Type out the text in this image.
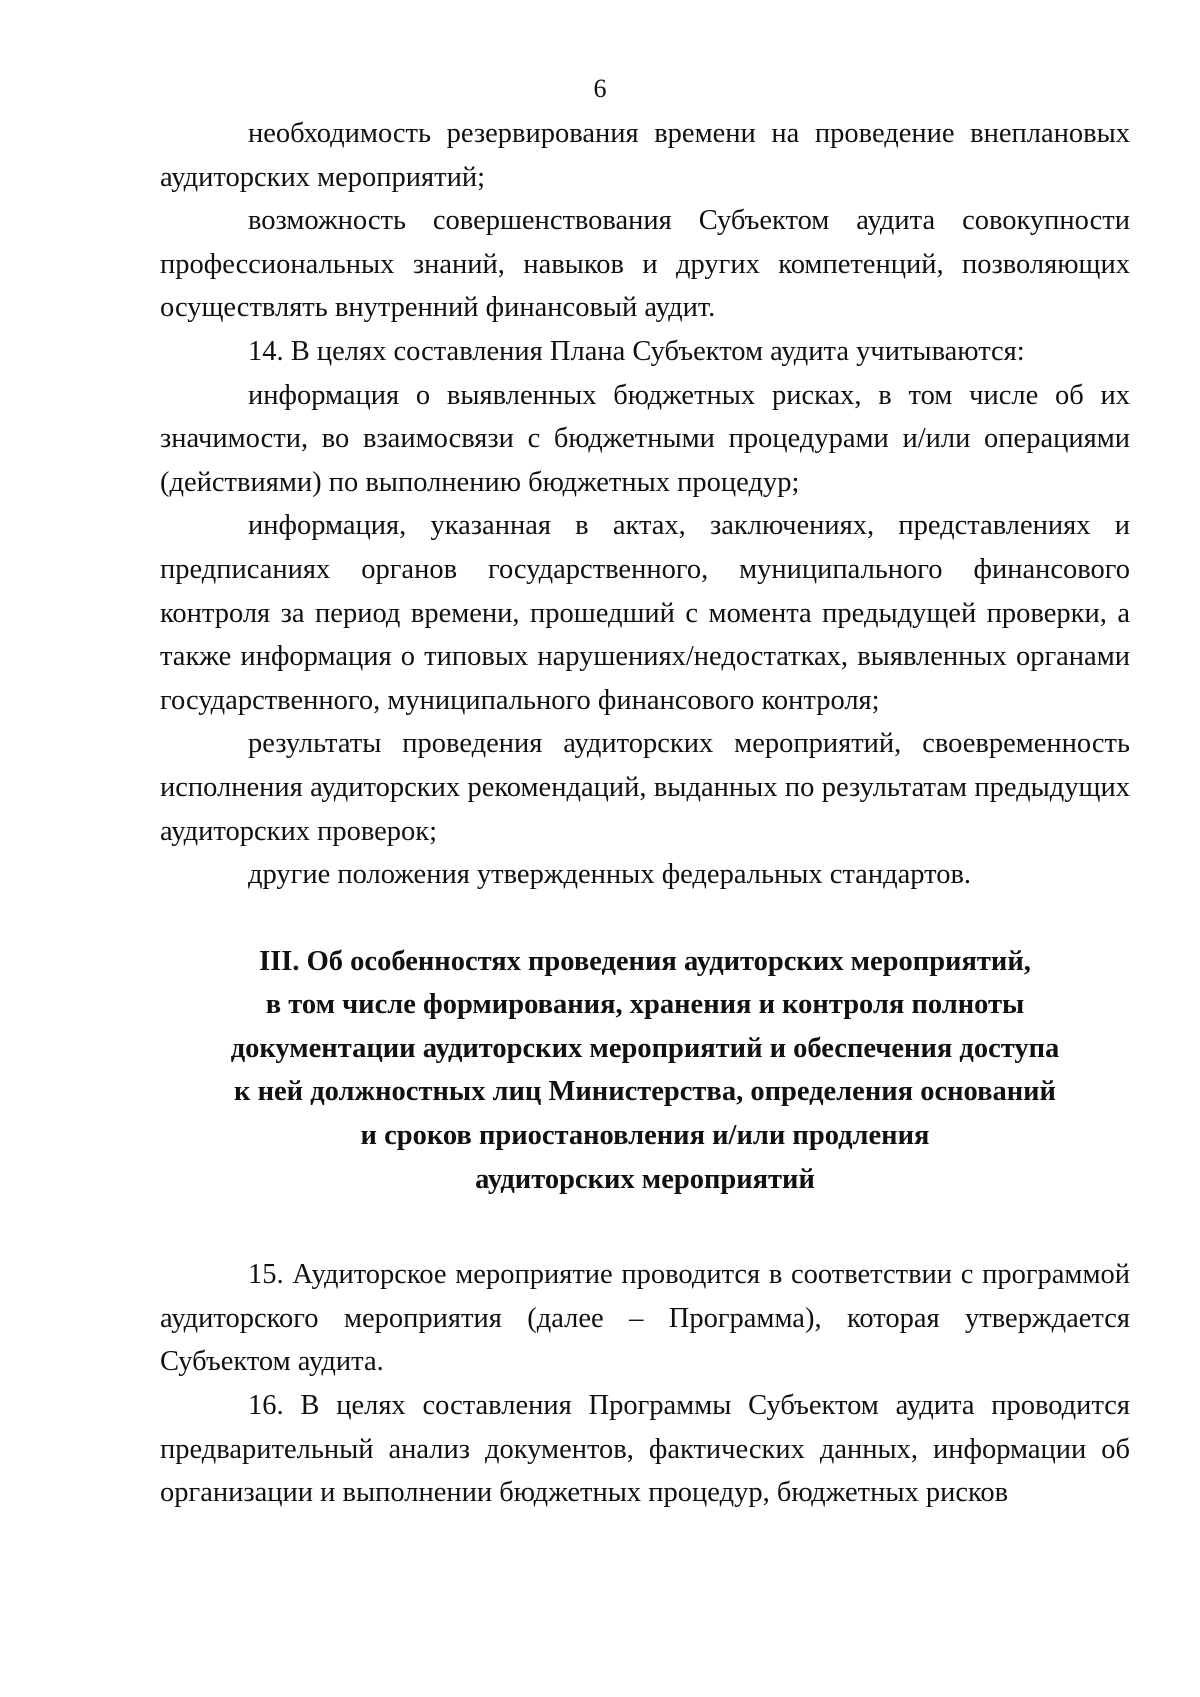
6

необходимость резервирования времени на проведение внеплановых аудиторских мероприятий;

возможность совершенствования Субъектом аудита совокупности профессиональных знаний, навыков и других компетенций, позволяющих осуществлять внутренний финансовый аудит.

14. В целях составления Плана Субъектом аудита учитываются:

информация о выявленных бюджетных рисках, в том числе об их значимости, во взаимосвязи с бюджетными процедурами и/или операциями (действиями) по выполнению бюджетных процедур;

информация, указанная в актах, заключениях, представлениях и предписаниях органов государственного, муниципального финансового контроля за период времени, прошедший с момента предыдущей проверки, а также информация о типовых нарушениях/недостатках, выявленных органами государственного, муниципального финансового контроля;

результаты проведения аудиторских мероприятий, своевременность исполнения аудиторских рекомендаций, выданных по результатам предыдущих аудиторских проверок;

другие положения утвержденных федеральных стандартов.

III. Об особенностях проведения аудиторских мероприятий,
в том числе формирования, хранения и контроля полноты
документации аудиторских мероприятий и обеспечения доступа
к ней должностных лиц Министерства, определения оснований
и сроков приостановления и/или продления
аудиторских мероприятий

15. Аудиторское мероприятие проводится в соответствии с программой аудиторского мероприятия (далее – Программа), которая утверждается Субъектом аудита.

16. В целях составления Программы Субъектом аудита проводится предварительный анализ документов, фактических данных, информации об организации и выполнении бюджетных процедур, бюджетных рисков
